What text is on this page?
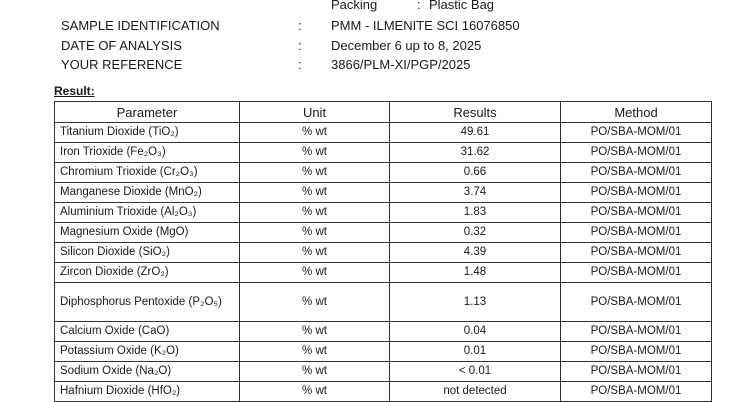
Packing	: Plastic Bag
SAMPLE IDENTIFICATION	: PMM - ILMENITE SCI 16076850
DATE OF ANALYSIS	: December 6 up to 8, 2025
YOUR REFERENCE	: 3866/PLM-XI/PGP/2025
Result:
Parameter	Unit	Results	Method
Titanium Dioxide (TiO₂)	% wt	49.61	PO/SBA-MOM/01
Iron Trioxide (Fe₂O₃)	% wt	31.62	PO/SBA-MOM/01
Chromium Trioxide (Cr₂O₃)	% wt	0.66	PO/SBA-MOM/01
Manganese Dioxide (MnO₂)	% wt	3.74	PO/SBA-MOM/01
Aluminium Trioxide (Al₂O₃)	% wt	1.83	PO/SBA-MOM/01
Magnesium Oxide (MgO)	% wt	0.32	PO/SBA-MOM/01
Silicon Dioxide (SiO₂)	% wt	4.39	PO/SBA-MOM/01
Zircon Dioxide (ZrO₂)	% wt	1.48	PO/SBA-MOM/01
Diphosphorus Pentoxide (P₂O₅)	% wt	1.13	PO/SBA-MOM/01
Calcium Oxide (CaO)	% wt	0.04	PO/SBA-MOM/01
Potassium Oxide (K₂O)	% wt	0.01	PO/SBA-MOM/01
Sodium Oxide (Na₂O)	% wt	< 0.01	PO/SBA-MOM/01
Hafnium Dioxide (HfO₂)	% wt	not detected	PO/SBA-MOM/01
